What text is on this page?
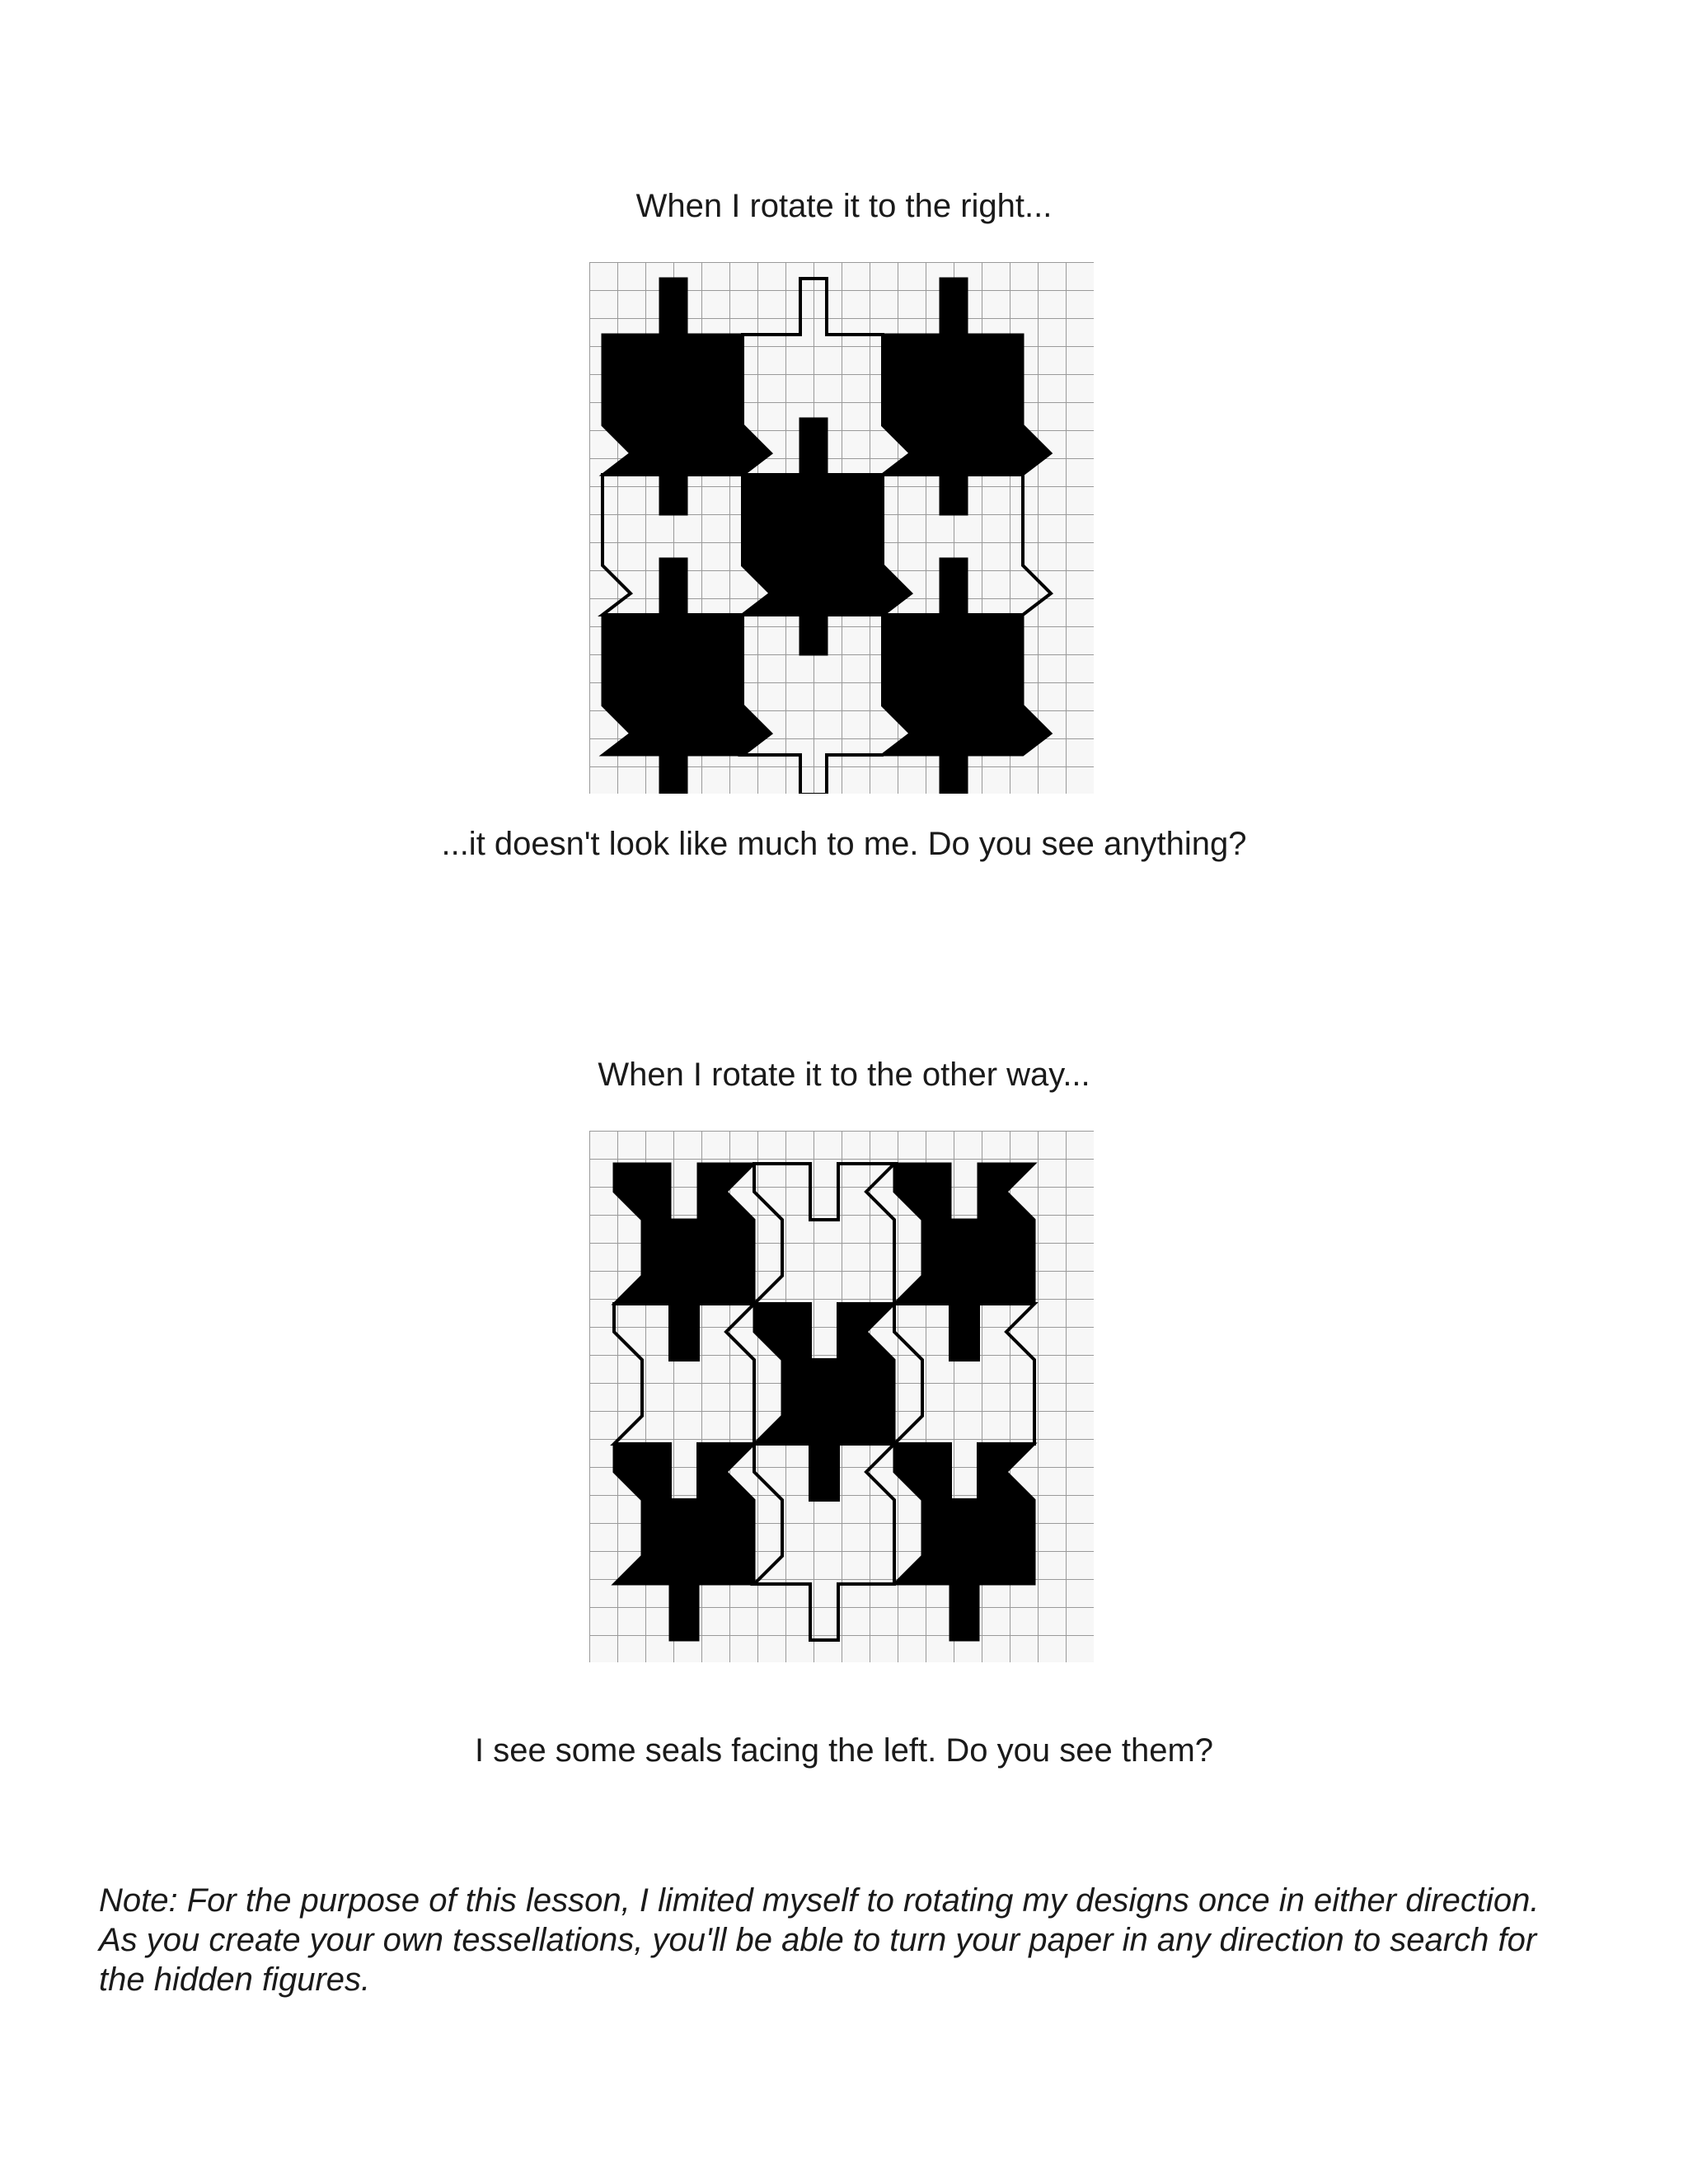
When I rotate it to the right...
...it doesn't look like much to me. Do you see anything?
When I rotate it to the other way...
I see some seals facing the left. Do you see them?
Note: For the purpose of this lesson, I limited myself to rotating my designs once in either direction.
As you create your own tessellations, you'll be able to turn your paper in any direction to search for
the hidden figures.
